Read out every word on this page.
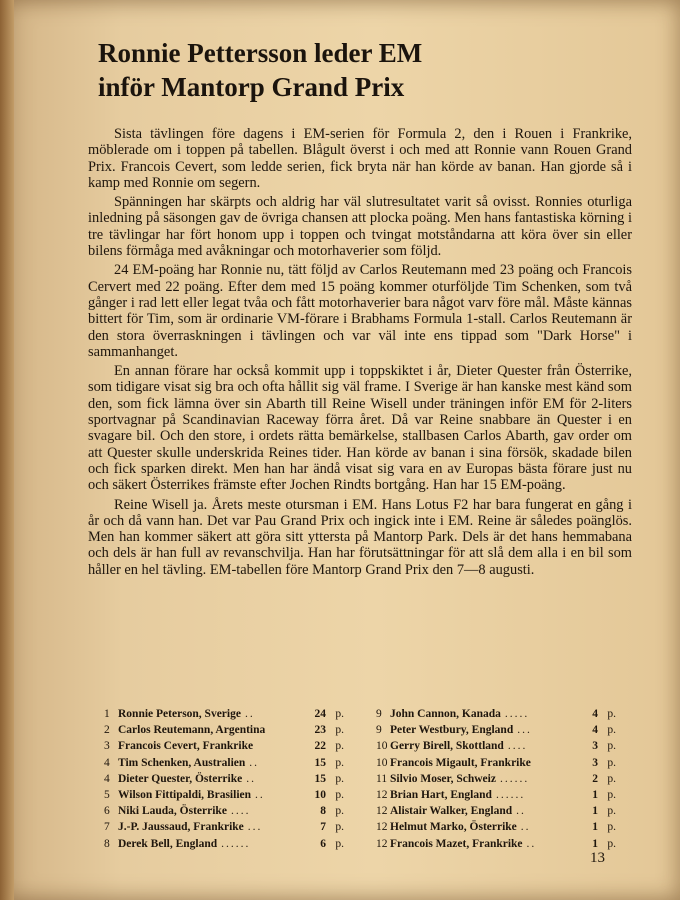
Ronnie Pettersson leder EM
inför Mantorp Grand Prix

Sista tävlingen före dagens i EM-serien för Formula 2, den i Rouen i Frankrike, möblerade om i toppen på tabellen. Blågult överst i och med att Ronnie vann Rouen Grand Prix. Francois Cevert, som ledde serien, fick bryta när han körde av banan. Han gjorde så i kamp med Ronnie om segern.

Spänningen har skärpts och aldrig har väl slutresultatet varit så ovisst. Ronnies oturliga inledning på säsongen gav de övriga chansen att plocka poäng. Men hans fantastiska körning i tre tävlingar har fört honom upp i toppen och tvingat motståndarna att köra över sin eller bilens förmåga med avåkningar och motorhaverier som följd.

24 EM-poäng har Ronnie nu, tätt följd av Carlos Reutemann med 23 poäng och Francois Cervert med 22 poäng. Efter dem med 15 poäng kommer oturföljde Tim Schenken, som två gånger i rad lett eller legat tvåa och fått motorhaverier bara något varv före mål. Måste kännas bittert för Tim, som är ordinarie VM-förare i Brabhams Formula 1-stall. Carlos Reutemann är den stora överraskningen i tävlingen och var väl inte ens tippad som "Dark Horse" i sammanhanget.

En annan förare har också kommit upp i toppskiktet i år, Dieter Quester från Österrike, som tidigare visat sig bra och ofta hållit sig väl frame. I Sverige är han kanske mest känd som den, som fick lämna över sin Abarth till Reine Wisell under träningen inför EM för 2-liters sportvagnar på Scandinavian Raceway förra året. Då var Reine snabbare än Quester i en svagare bil. Och den store, i ordets rätta bemärkelse, stallbasen Carlos Abarth, gav order om att Quester skulle underskrida Reines tider. Han körde av banan i sina försök, skadade bilen och fick sparken direkt. Men han har ändå visat sig vara en av Europas bästa förare just nu och säkert Österrikes främste efter Jochen Rindts bortgång. Han har 15 EM-poäng.

Reine Wisell ja. Årets meste otursman i EM. Hans Lotus F2 har bara fungerat en gång i år och då vann han. Det var Pau Grand Prix och ingick inte i EM. Reine är således poänglös. Men han kommer säkert att göra sitt yttersta på Mantorp Park. Dels är det hans hemmabana och dels är han full av revanschvilja. Han har förutsättningar för att slå dem alla i en bil som håller en hel tävling. EM-tabellen före Mantorp Grand Prix den 7—8 augusti.

1 Ronnie Peterson, Sverige ..	24 p.
2 Carlos Reutemann, Argentina	23 p.
3 Francois Cevert, Frankrike	22 p.
4 Tim Schenken, Australien ..	15 p.
4 Dieter Quester, Österrike ..	15 p.
5 Wilson Fittipaldi, Brasilien ..	10 p.
6 Niki Lauda, Österrike ....	8 p.
7 J.-P. Jaussaud, Frankrike ...	7 p.
8 Derek Bell, England ......	6 p.
9 John Cannon, Kanada .....	4 p.
9 Peter Westbury, England ...	4 p.
10 Gerry Birell, Skottland ....	3 p.
10 Francois Migault, Frankrike	3 p.
11 Silvio Moser, Schweiz ......	2 p.
12 Brian Hart, England ......	1 p.
12 Alistair Walker, England ..	1 p.
12 Helmut Marko, Österrike ..	1 p.
12 Francois Mazet, Frankrike ..	1 p.
13
